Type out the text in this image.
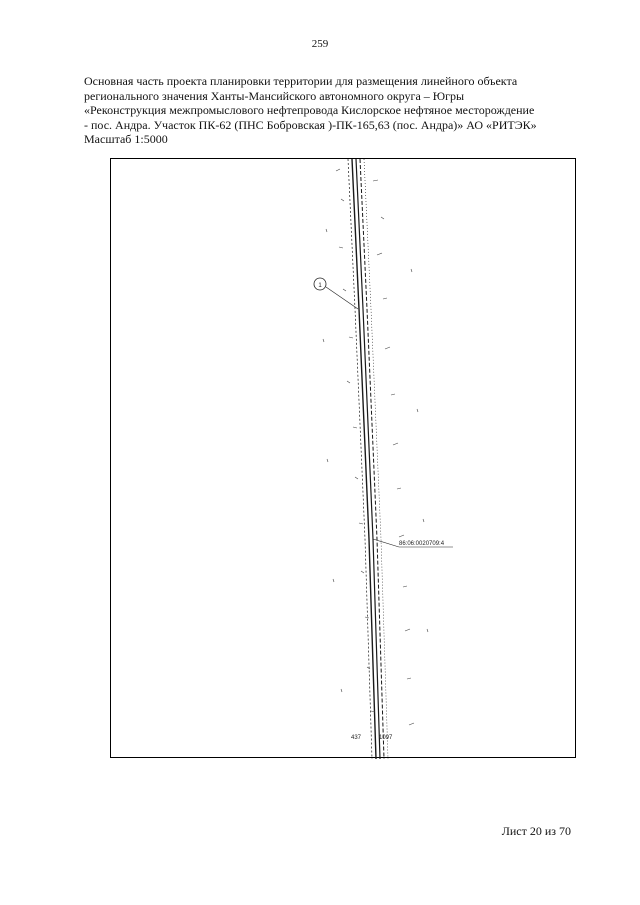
259
Основная часть проекта планировки территории для размещения линейного объекта
регионального значения Ханты-Мансийского автономного округа – Югры
«Реконструкция межпромыслового нефтепровода Кислорское нефтяное месторождение
- пос. Андра. Участок ПК-62 (ПНС Бобровская )-ПК-165,63 (пос. Андра)» АО «РИТЭК»
Масштаб 1:5000
1
86:06:0020709:4
437	1097
Лист 20 из 70
